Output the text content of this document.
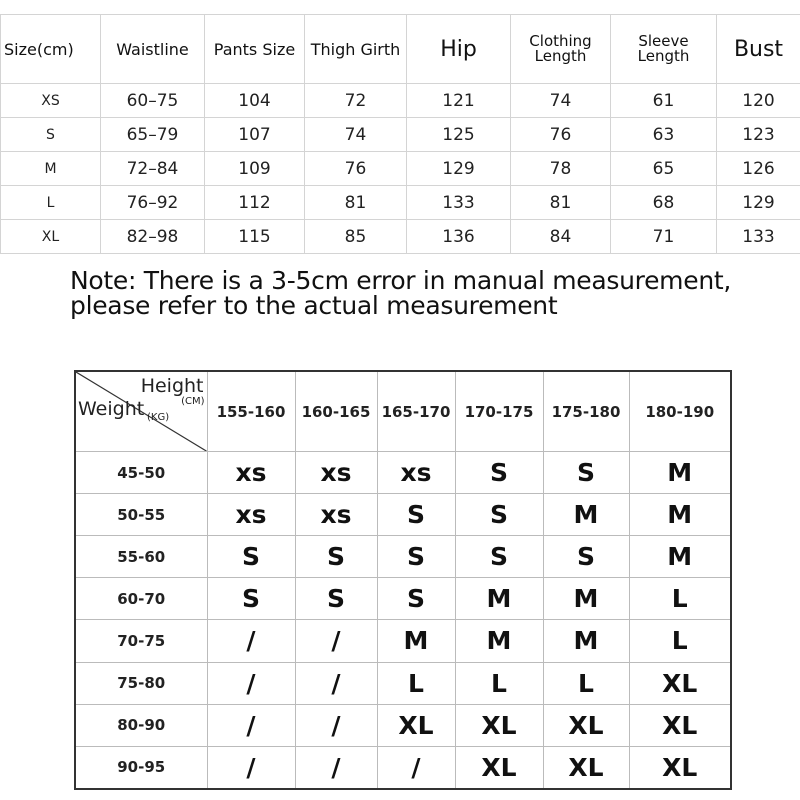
Size(cm)	Waistline	Pants Size	Thigh Girth	Hip	Clothing Length	Sleeve Length	Bust
XS	60–75	104	72	121	74	61	120
S	65–79	107	74	125	76	63	123
M	72–84	109	76	129	78	65	126
L	76–92	112	81	133	81	68	129
XL	82–98	115	85	136	84	71	133
Note: There is a 3-5cm error in manual measurement,
please refer to the actual measurement
Height
(CM)
Weight (KG)	155-160	160-165	165-170	170-175	175-180	180-190
45-50	xs	xs	xs	S	S	M
50-55	xs	xs	S	S	M	M
55-60	S	S	S	S	S	M
60-70	S	S	S	M	M	L
70-75	/	/	M	M	M	L
75-80	/	/	L	L	L	XL
80-90	/	/	XL	XL	XL	XL
90-95	/	/	/	XL	XL	XL
